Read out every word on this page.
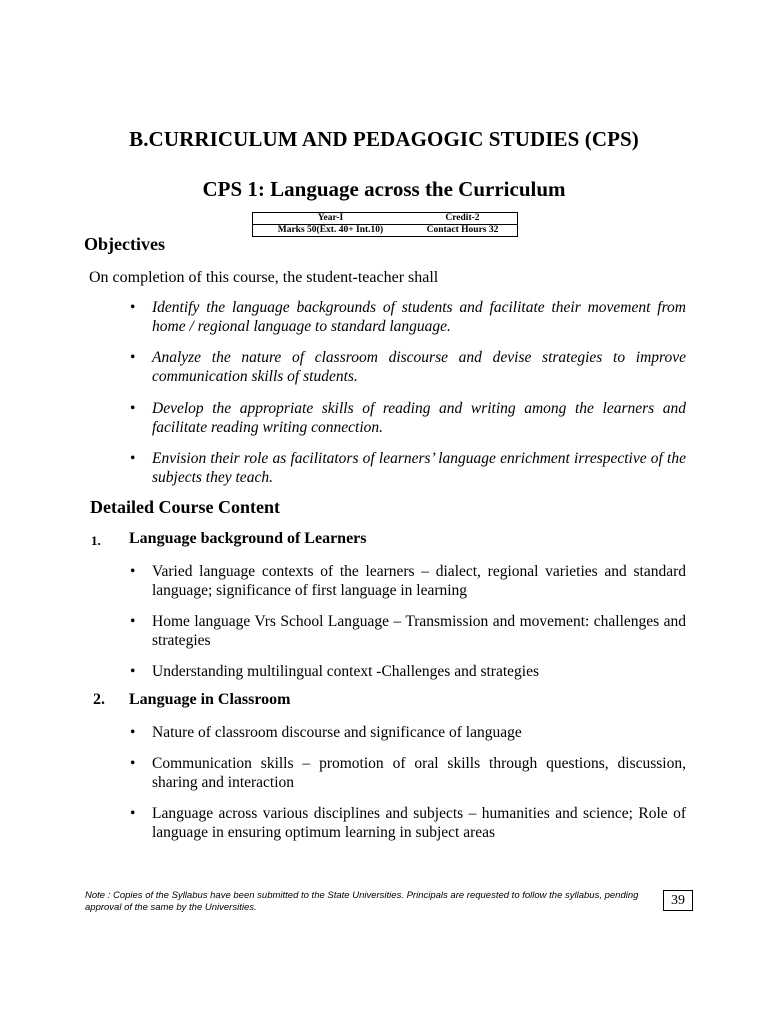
B.CURRICULUM AND PEDAGOGIC STUDIES (CPS)
CPS 1: Language across the Curriculum
Year-I	Credit-2
Marks 50(Ext. 40+ Int.10)	Contact Hours 32
Objectives
On completion of this course, the student-teacher shall
• Identify the language backgrounds of students and facilitate their movement from home / regional language to standard language.
• Analyze the nature of classroom discourse and devise strategies to improve communication skills of students.
• Develop the appropriate skills of reading and writing among the learners and facilitate reading writing connection.
• Envision their role as facilitators of learners’ language enrichment irrespective of the subjects they teach.
Detailed Course Content
1. Language background of Learners
• Varied language contexts of the learners – dialect, regional varieties and standard language; significance of first language in learning
• Home language Vrs School Language – Transmission and movement: challenges and strategies
• Understanding multilingual context -Challenges and strategies
2. Language in Classroom
• Nature of classroom discourse and significance of language
• Communication skills – promotion of oral skills through questions, discussion, sharing and interaction
• Language across various disciplines and subjects – humanities and science; Role of language in ensuring optimum learning in subject areas
Note : Copies of the Syllabus have been submitted to the State Universities. Principals are requested to follow the syllabus, pending approval of the same by the Universities.	39
